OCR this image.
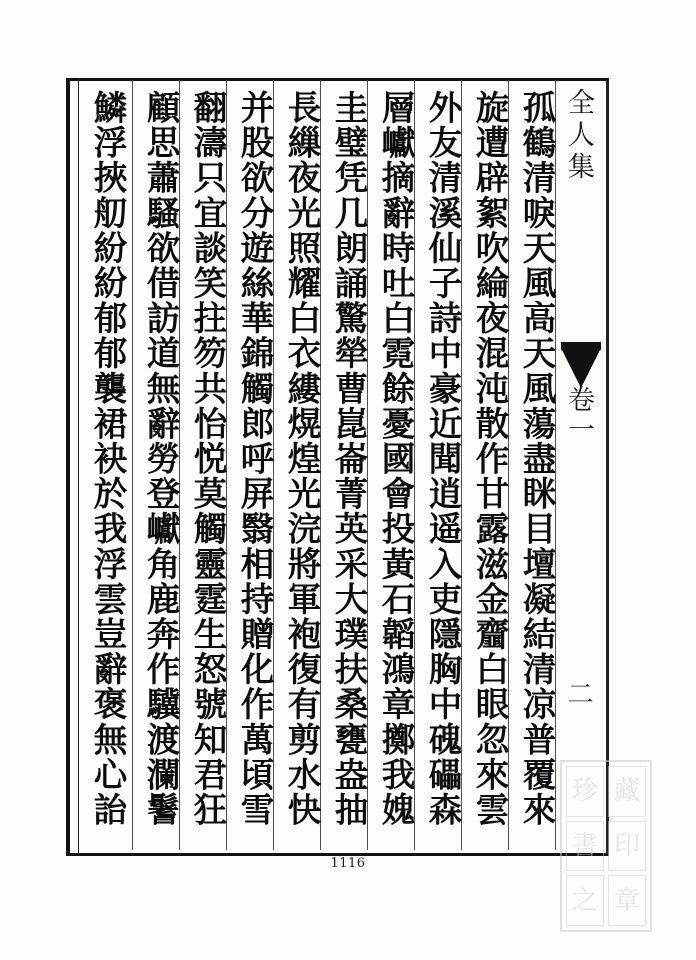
孤鶴清唳天風高天風蕩盡眯目壇凝結清凉普覆來
旋遭辟絮吹綸夜混沌散作甘露滋金齏白眼忽來雲
外友清溪仙子詩中豪近聞逍遥入吏隱胸中磈礧森
層巘摘辭時吐白霓餘憂國會投黃石韜鴻章擲我媿
圭璧凭几朗誦驚犖曹崑崙菁英采大璞扶桑甕盎抽
長繅夜光照耀白衣縷熀煌光浣將軍袍復有剪水快
并股欲分遊絲華錦觸郎呼屏翳相持贈化作萬頃雪
翻濤只宜談笑拄笏共怡悦莫觸靈霆生怒號知君狂
顧思蕭騷欲借訪道無辭勞登巘角鹿奔作驥渡瀾鬐
鱗浮挾舠紛紛郁郁襲裙袂於我浮雲豈辭褒無心詒	全人集
卷一
二
1116
珍 藏
書 印
之 章
